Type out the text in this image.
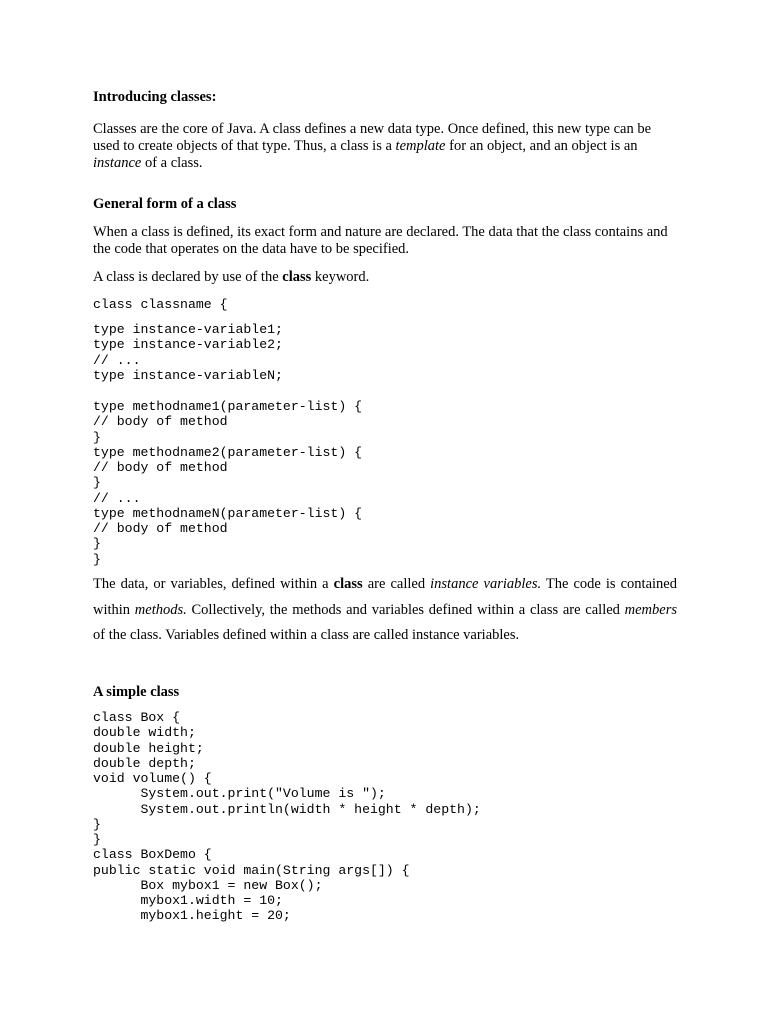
Introducing classes:

Classes are the core of Java. A class defines a new data type. Once defined, this new type can be used to create objects of that type. Thus, a class is a template for an object, and an object is an instance of a class.

General form of a class

When a class is defined, its exact form and nature are declared. The data that the class contains and the code that operates on the data have to be specified.

A class is declared by use of the class keyword.

class classname {
type instance-variable1;
type instance-variable2;
// ...
type instance-variableN;
type methodname1(parameter-list) {
// body of method
}
type methodname2(parameter-list) {
// body of method
}
// ...
type methodnameN(parameter-list) {
// body of method
}
}

The data, or variables, defined within a class are called instance variables. The code is contained within methods. Collectively, the methods and variables defined within a class are called members of the class. Variables defined within a class are called instance variables.

A simple class
class Box {
double width;
double height;
double depth;
void volume() {
System.out.print("Volume is ");
System.out.println(width * height * depth);
}
}
class BoxDemo {
public static void main(String args[]) {
Box mybox1 = new Box();
mybox1.width = 10;
mybox1.height = 20;
